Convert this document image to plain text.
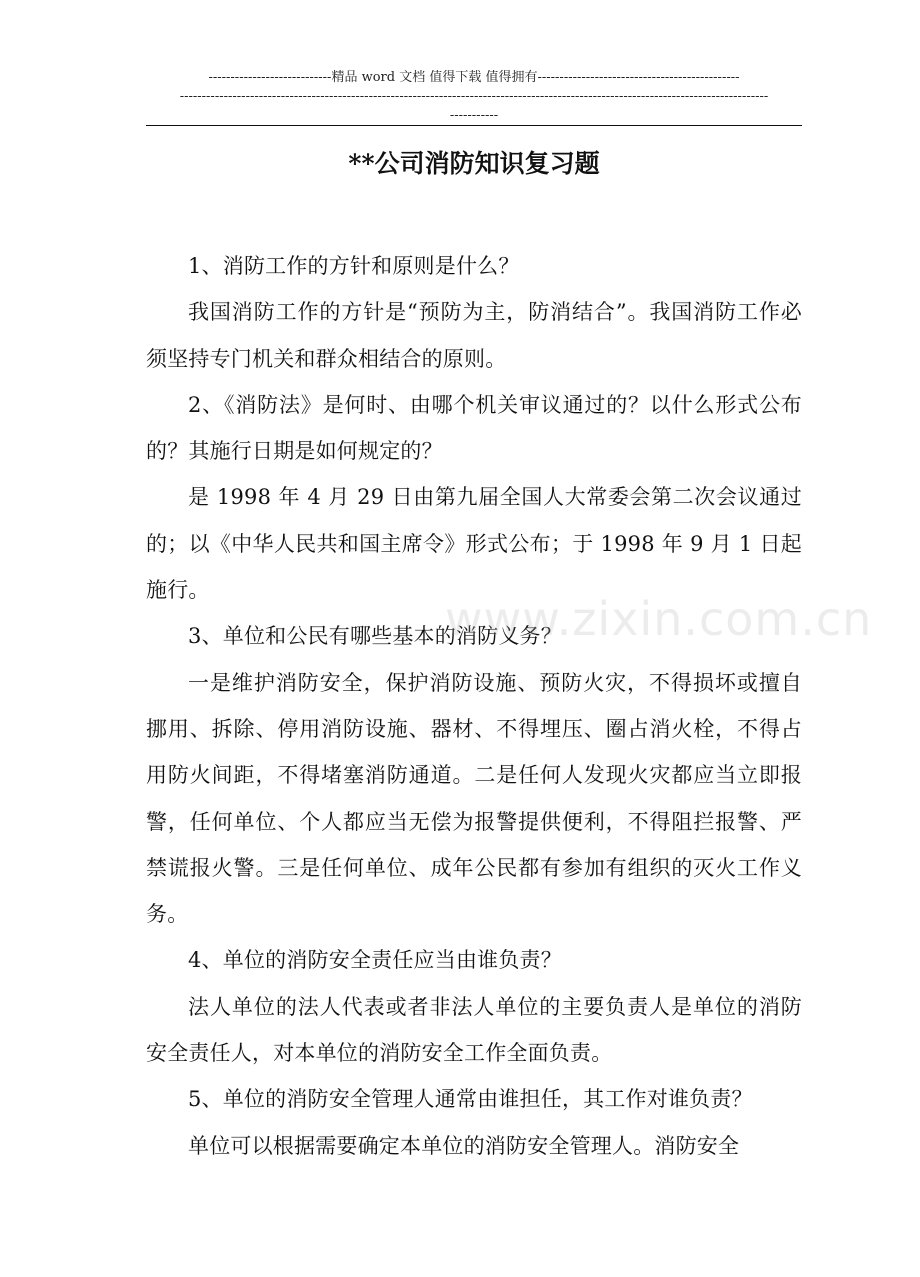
----------------------------精品 word 文档 值得下载 值得拥有----------------------------------------------
--------------------------------------------------------------------------------------------------------------------------------------
-----------
**公司消防知识复习题

1、消防工作的方针和原则是什么？

我国消防工作的方针是“预防为主，防消结合”。我国消防工作必须坚持专门机关和群众相结合的原则。

2、《消防法》是何时、由哪个机关审议通过的？以什么形式公布的？其施行日期是如何规定的？

是 1998 年 4 月 29 日由第九届全国人大常委会第二次会议通过的；以《中华人民共和国主席令》形式公布；于 1998 年 9 月 1 日起施行。

3、单位和公民有哪些基本的消防义务？

一是维护消防安全，保护消防设施、预防火灾，不得损坏或擅自挪用、拆除、停用消防设施、器材、不得埋压、圈占消火栓，不得占用防火间距，不得堵塞消防通道。二是任何人发现火灾都应当立即报警，任何单位、个人都应当无偿为报警提供便利，不得阻拦报警、严禁谎报火警。三是任何单位、成年公民都有参加有组织的灭火工作义务。

4、单位的消防安全责任应当由谁负责？

法人单位的法人代表或者非法人单位的主要负责人是单位的消防安全责任人，对本单位的消防安全工作全面负责。

5、单位的消防安全管理人通常由谁担任，其工作对谁负责？

单位可以根据需要确定本单位的消防安全管理人。消防安全

www.zixin.com.cn
